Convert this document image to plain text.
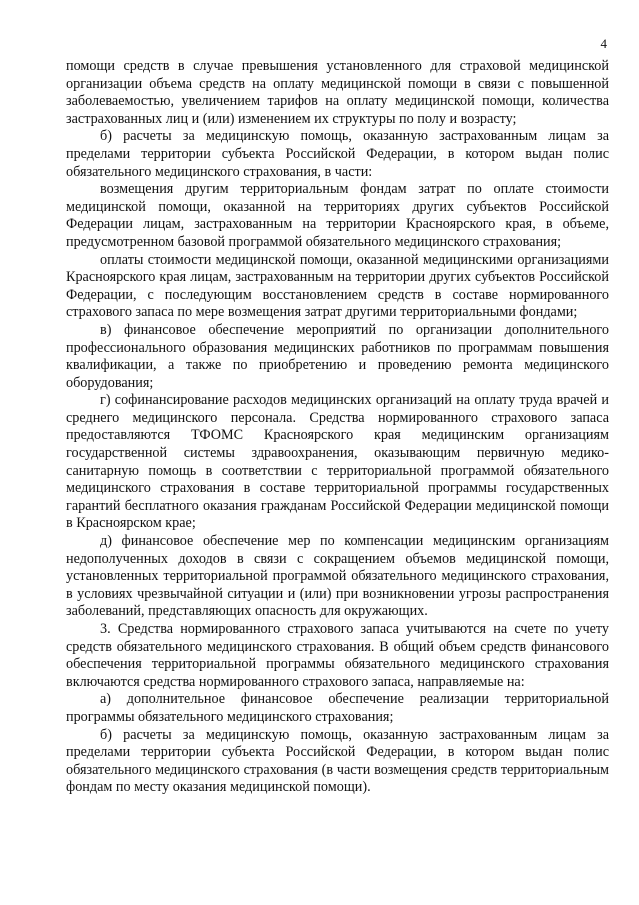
4

помощи средств в случае превышения установленного для страховой медицинской организации объема средств на оплату медицинской помощи в связи с повышенной заболеваемостью, увеличением тарифов на оплату медицинской помощи, количества застрахованных лиц и (или) изменением их структуры по полу и возрасту;

б) расчеты за медицинскую помощь, оказанную застрахованным лицам за пределами территории субъекта Российской Федерации, в котором выдан полис обязательного медицинского страхования, в части:

возмещения другим территориальным фондам затрат по оплате стоимости медицинской помощи, оказанной на территориях других субъектов Российской Федерации лицам, застрахованным на территории Красноярского края, в объеме, предусмотренном базовой программой обязательного медицинского страхования;

оплаты стоимости медицинской помощи, оказанной медицинскими организациями Красноярского края лицам, застрахованным на территории других субъектов Российской Федерации, с последующим восстановлением средств в составе нормированного страхового запаса по мере возмещения затрат другими территориальными фондами;

в) финансовое обеспечение мероприятий по организации дополнительного профессионального образования медицинских работников по программам повышения квалификации, а также по приобретению и проведению ремонта медицинского оборудования;

г) софинансирование расходов медицинских организаций на оплату труда врачей и среднего медицинского персонала. Средства нормированного страхового запаса предоставляются ТФОМС Красноярского края медицинским организациям государственной системы здравоохранения, оказывающим первичную медико-санитарную помощь в соответствии с территориальной программой обязательного медицинского страхования в составе территориальной программы государственных гарантий бесплатного оказания гражданам Российской Федерации медицинской помощи в Красноярском крае;

д) финансовое обеспечение мер по компенсации медицинским организациям недополученных доходов в связи с сокращением объемов медицинской помощи, установленных территориальной программой обязательного медицинского страхования, в условиях чрезвычайной ситуации и (или) при возникновении угрозы распространения заболеваний, представляющих опасность для окружающих.

3. Средства нормированного страхового запаса учитываются на счете по учету средств обязательного медицинского страхования. В общий объем средств финансового обеспечения территориальной программы обязательного медицинского страхования включаются средства нормированного страхового запаса, направляемые на:

а) дополнительное финансовое обеспечение реализации территориальной программы обязательного медицинского страхования;

б) расчеты за медицинскую помощь, оказанную застрахованным лицам за пределами территории субъекта Российской Федерации, в котором выдан полис обязательного медицинского страхования (в части возмещения средств территориальным фондам по месту оказания медицинской помощи).
